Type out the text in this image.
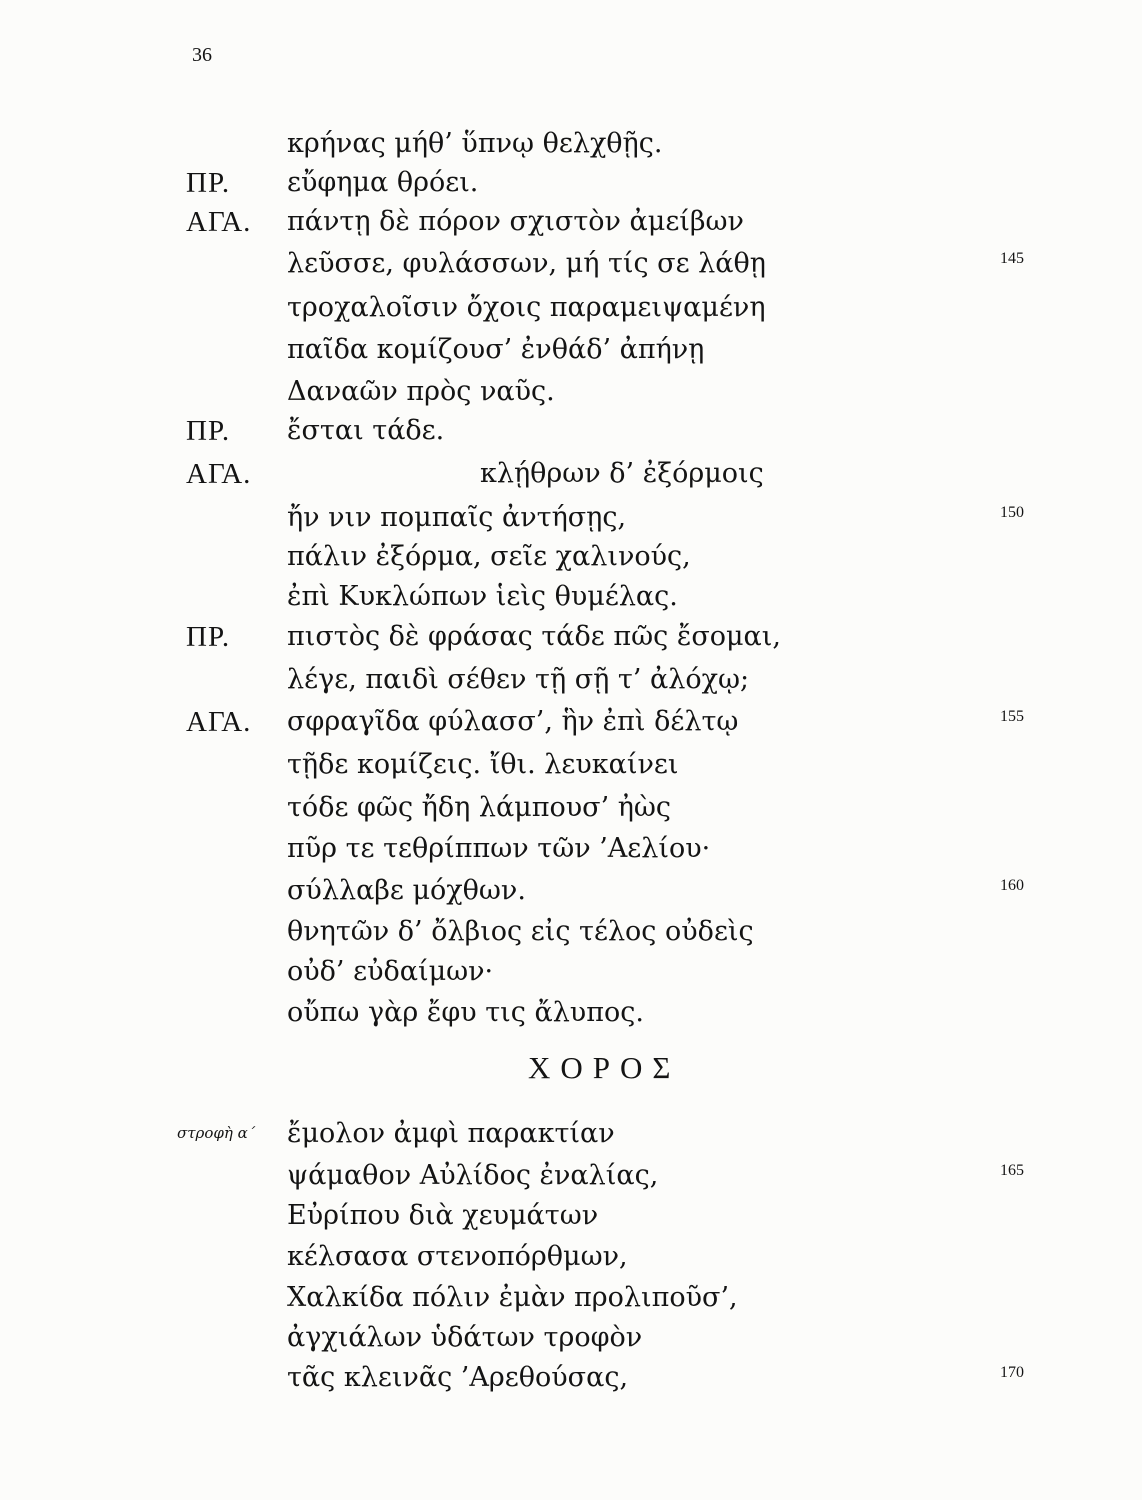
36
κρήνας μήθ’ ὕπνῳ θελχθῇς.
ΠΡ. εὔφημα θρόει.
ΑΓΑ. πάντῃ δὲ πόρον σχιστὸν ἀμείβων
λεῦσσε, φυλάσσων, μή τίς σε λάθῃ	145
τροχαλοῖσιν ὄχοις παραμειψαμένη
παῖδα κομίζουσ’ ἐνθάδ’ ἀπήνῃ
Δαναῶν πρὸς ναῦς.
ΠΡ. ἔσται τάδε.
ΑΓΑ.	κλῄθρων δ’ ἐξόρμοις
ἤν νιν πομπαῖς ἀντήσῃς,	150
πάλιν ἐξόρμα, σεῖε χαλινούς,
ἐπὶ Κυκλώπων ἱεὶς θυμέλας.
ΠΡ. πιστὸς δὲ φράσας τάδε πῶς ἔσομαι,
λέγε, παιδὶ σέθεν τῇ σῇ τ’ ἀλόχῳ;
ΑΓΑ. σφραγῖδα φύλασσ’, ἣν ἐπὶ δέλτῳ	155
τῇδε κομίζεις. ἴθι. λευκαίνει
τόδε φῶς ἤδη λάμπουσ’ ἠὼς
πῦρ τε τεθρίππων τῶν ’Αελίου·
σύλλαβε μόχθων.	160
θνητῶν δ’ ὄλβιος εἰς τέλος οὐδεὶς
οὐδ’ εὐδαίμων·
οὔπω γὰρ ἔφυ τις ἄλυπος.
ΧΟΡΟΣ
στροφὴ α΄ ἔμολον ἀμφὶ παρακτίαν
ψάμαθον Αὐλίδος ἐναλίας,	165
Εὐρίπου διὰ χευμάτων
κέλσασα στενοπόρθμων,
Χαλκίδα πόλιν ἐμὰν προλιποῦσ’,
ἀγχιάλων ὑδάτων τροφὸν
τᾶς κλεινᾶς ’Αρεθούσας,	170
